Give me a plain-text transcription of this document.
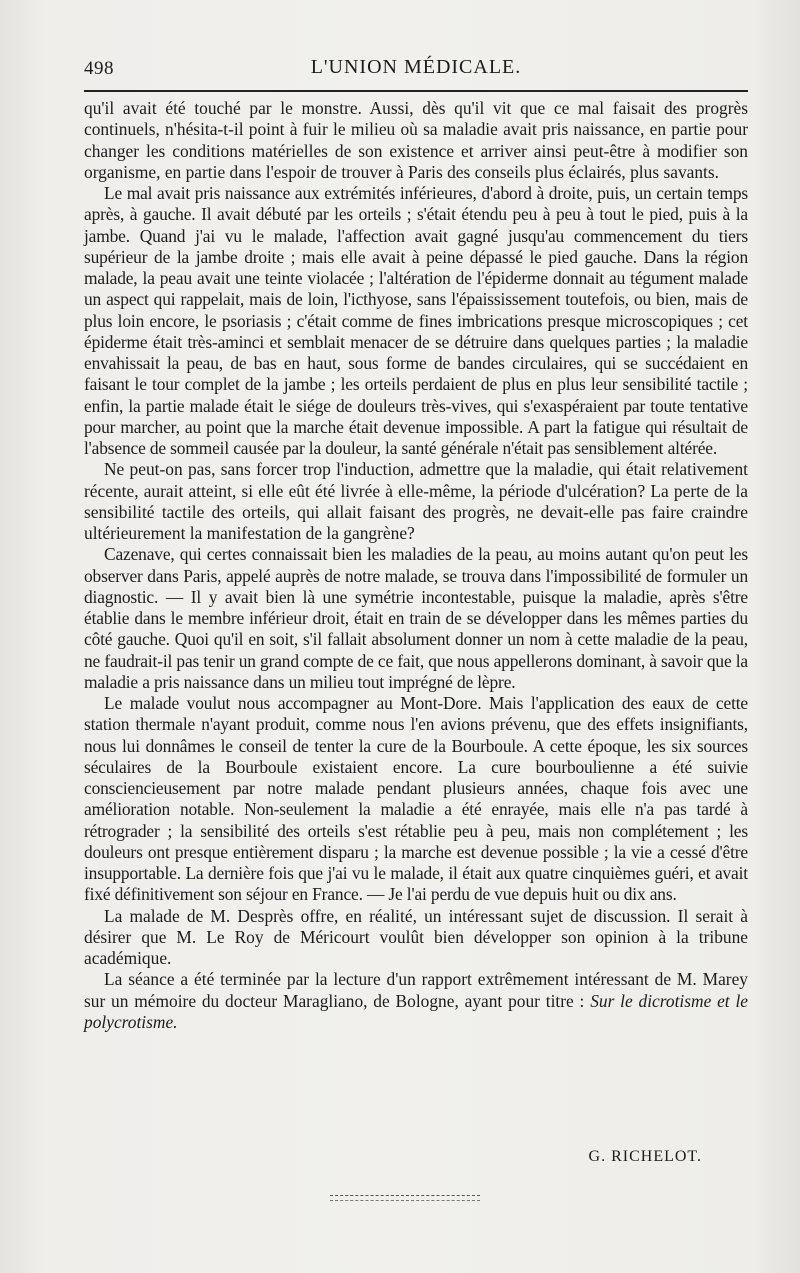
498	L'UNION MÉDICALE.

qu'il avait été touché par le monstre. Aussi, dès qu'il vit que ce mal faisait des progrès continuels, n'hésita-t-il point à fuir le milieu où sa maladie avait pris naissance, en partie pour changer les conditions matérielles de son existence et arriver ainsi peut-être à modifier son organisme, en partie dans l'espoir de trouver à Paris des conseils plus éclairés, plus savants.

Le mal avait pris naissance aux extrémités inférieures, d'abord à droite, puis, un certain temps après, à gauche. Il avait débuté par les orteils ; s'était étendu peu à peu à tout le pied, puis à la jambe. Quand j'ai vu le malade, l'affection avait gagné jusqu'au commencement du tiers supérieur de la jambe droite ; mais elle avait à peine dépassé le pied gauche. Dans la région malade, la peau avait une teinte violacée ; l'altération de l'épiderme donnait au tégument malade un aspect qui rappelait, mais de loin, l'icthyose, sans l'épaississement toutefois, ou bien, mais de plus loin encore, le psoriasis ; c'était comme de fines imbrications presque microscopiques ; cet épiderme était très-aminci et semblait menacer de se détruire dans quelques parties ; la maladie envahissait la peau, de bas en haut, sous forme de bandes circulaires, qui se succédaient en faisant le tour complet de la jambe ; les orteils perdaient de plus en plus leur sensibilité tactile ; enfin, la partie malade était le siége de douleurs très-vives, qui s'exaspéraient par toute tentative pour marcher, au point que la marche était devenue impossible. A part la fatigue qui résultait de l'absence de sommeil causée par la douleur, la santé générale n'était pas sensiblement altérée.

Ne peut-on pas, sans forcer trop l'induction, admettre que la maladie, qui était relativement récente, aurait atteint, si elle eût été livrée à elle-même, la période d'ulcération? La perte de la sensibilité tactile des orteils, qui allait faisant des progrès, ne devait-elle pas faire craindre ultérieurement la manifestation de la gangrène?

Cazenave, qui certes connaissait bien les maladies de la peau, au moins autant qu'on peut les observer dans Paris, appelé auprès de notre malade, se trouva dans l'impossibilité de formuler un diagnostic. — Il y avait bien là une symétrie incontestable, puisque la maladie, après s'être établie dans le membre inférieur droit, était en train de se développer dans les mêmes parties du côté gauche. Quoi qu'il en soit, s'il fallait absolument donner un nom à cette maladie de la peau, ne faudrait-il pas tenir un grand compte de ce fait, que nous appellerons dominant, à savoir que la maladie a pris naissance dans un milieu tout imprégné de lèpre.

Le malade voulut nous accompagner au Mont-Dore. Mais l'application des eaux de cette station thermale n'ayant produit, comme nous l'en avions prévenu, que des effets insignifiants, nous lui donnâmes le conseil de tenter la cure de la Bourboule. A cette époque, les six sources séculaires de la Bourboule existaient encore. La cure bourboulienne a été suivie consciencieusement par notre malade pendant plusieurs années, chaque fois avec une amélioration notable. Non-seulement la maladie a été enrayée, mais elle n'a pas tardé à rétrograder ; la sensibilité des orteils s'est rétablie peu à peu, mais non complétement ; les douleurs ont presque entièrement disparu ; la marche est devenue possible ; la vie a cessé d'être insupportable. La dernière fois que j'ai vu le malade, il était aux quatre cinquièmes guéri, et avait fixé définitivement son séjour en France. — Je l'ai perdu de vue depuis huit ou dix ans.

La malade de M. Desprès offre, en réalité, un intéressant sujet de discussion. Il serait à désirer que M. Le Roy de Méricourt voulût bien développer son opinion à la tribune académique.

La séance a été terminée par la lecture d'un rapport extrêmement intéressant de M. Marey sur un mémoire du docteur Maragliano, de Bologne, ayant pour titre : Sur le dicrotisme et le polycrotisme.

G. RICHELOT.
